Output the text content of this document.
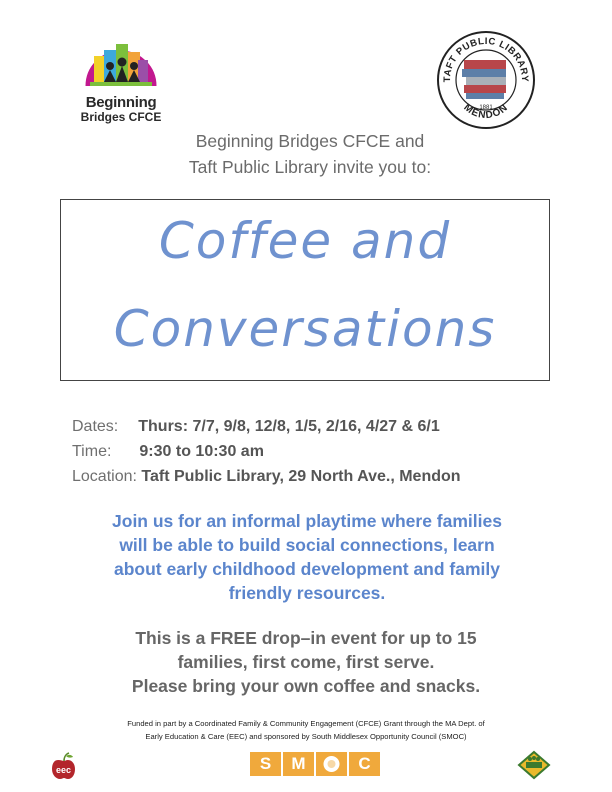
Beginning
Bridges CFCE
TAFT PUBLIC LIBRARY
MENDON
1881
Beginning Bridges CFCE and
Taft Public Library invite you to:
Coffee and
Conversations
Dates: Thurs: 7/7, 9/8, 12/8, 1/5, 2/16, 4/27 & 6/1
Time: 9:30 to 10:30 am
Location: Taft Public Library, 29 North Ave., Mendon
Join us for an informal playtime where families
will be able to build social connections, learn
about early childhood development and family
friendly resources.
This is a FREE drop–in event for up to 15
families, first come, first serve.
Please bring your own coffee and snacks.
Funded in part by a Coordinated Family & Community Engagement (CFCE) Grant through the MA Dept. of
Early Education & Care (EEC) and sponsored by South Middlesex Opportunity Council (SMOC)
eec	S	M	C
